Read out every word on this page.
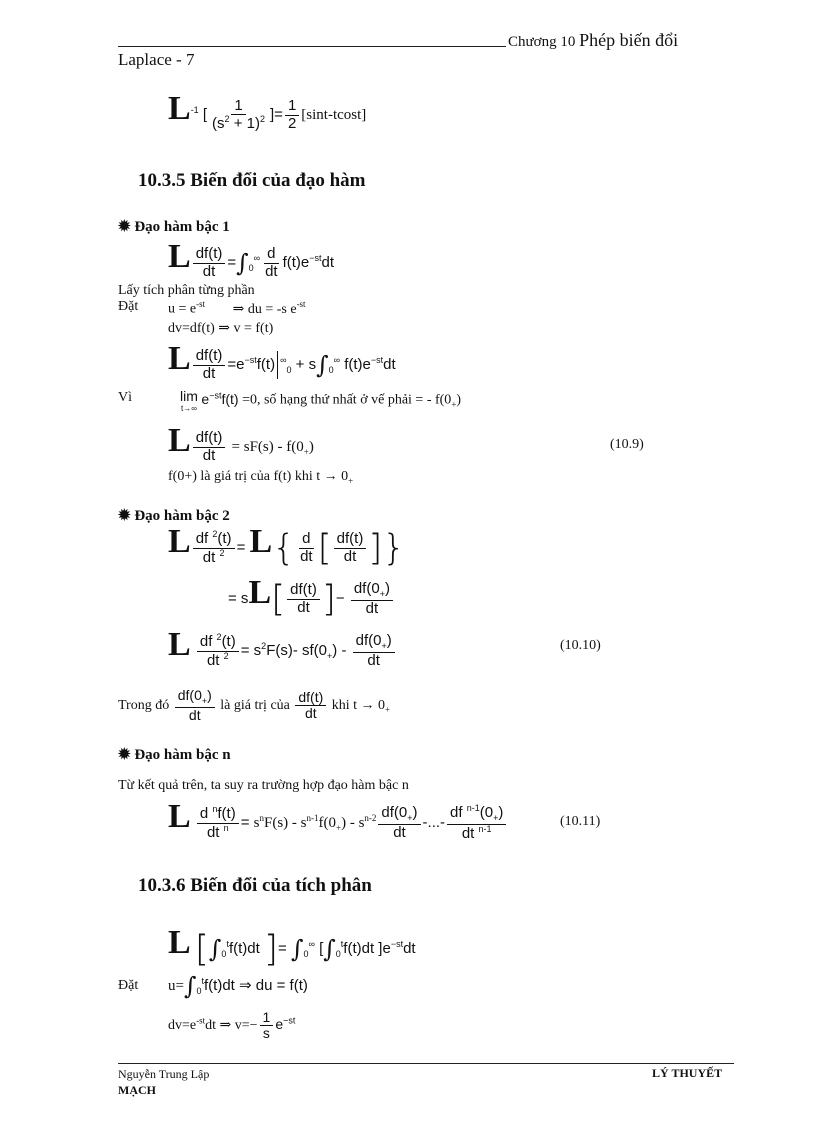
Chương 10 Phép biến đổi
Laplace - 7
$L^{-1}$ [ $\frac{1}{(s^2 + 1)^2}$ ]= $\frac{1}{2} [\sin t-tcost]$
10.3.5 Biến đổi của đạo hàm
✹ Đạo hàm bậc 1
L $\frac{df(t)}{dt} =\int_0^\infty \frac{d}{dt} f(t)e^{-st}dt$
Lấy tích phân từng phần
Đặt $u = e^{-st}$ ⇒ du = -s $e^{-st}$
dv=df(t) ⇒ v = f(t)
L $\frac{df(t)}{dt} =e^{-st}f(t) ^\infty_0 + s\int_0^\infty$ $f(t)e^{-st}dt$
Vì	lim
t→∞
$e^{-st}f(t) =0$, số hạng thứ nhất ở vế phải = - $f(0_+)$
L $\frac{df(t)}{dt} = sF(s) - f(0_+)$	(10.9)
f(0+) là giá trị của f(t) khi $t \to 0_+$
✹ Đạo hàm bậc 2
L $\frac{df ^2(t)}{dt ^2} = L\{ \frac{d}{dt}$ [ $\frac{df(t)}{dt}$ ]}
= $sL[ \frac{df(t)}{dt}$ ]− $\frac{df(0_+)}{dt}$
L $\frac{df ^2(t)}{dt ^2} = s^2F(s)-$ $sf(0_+) - \frac{df(0_+)}{dt}$	(10.10)
Trong đó $\frac{df(0_+)}{dt}$ là giá trị của $\frac{df(t)}{dt}$ khi $t \to 0_+$
✹ Đạo hàm bậc n
Từ kết quả trên, ta suy ra trường hợp đạo hàm bậc n
L $\frac{d ^nf(t)}{dt ^n} = s^nF(s) - s^{n-1}f(0_+) - s^{n-2} \frac{df(0_+)}{dt}$ -...- $\frac{df ^{n-1}(0_+)}{dt ^{n-1}}$	(10.11)
10.3.6 Biến đổi của tích phân
L [$\int_0^tf(t)dt$ ]= $\int_0^\infty$ [$\int_0^tf(t)dt$ ]$e^{-st}dt$
Đặt $u=\int_0^tf(t)dt$ ⇒ du = f(t)
$dv=e^{-st}dt$ ⇒ $v=- \frac{1}{s} e^{-st}$
Nguyễn Trung Lập	LÝ THUYẾT
MẠCH
